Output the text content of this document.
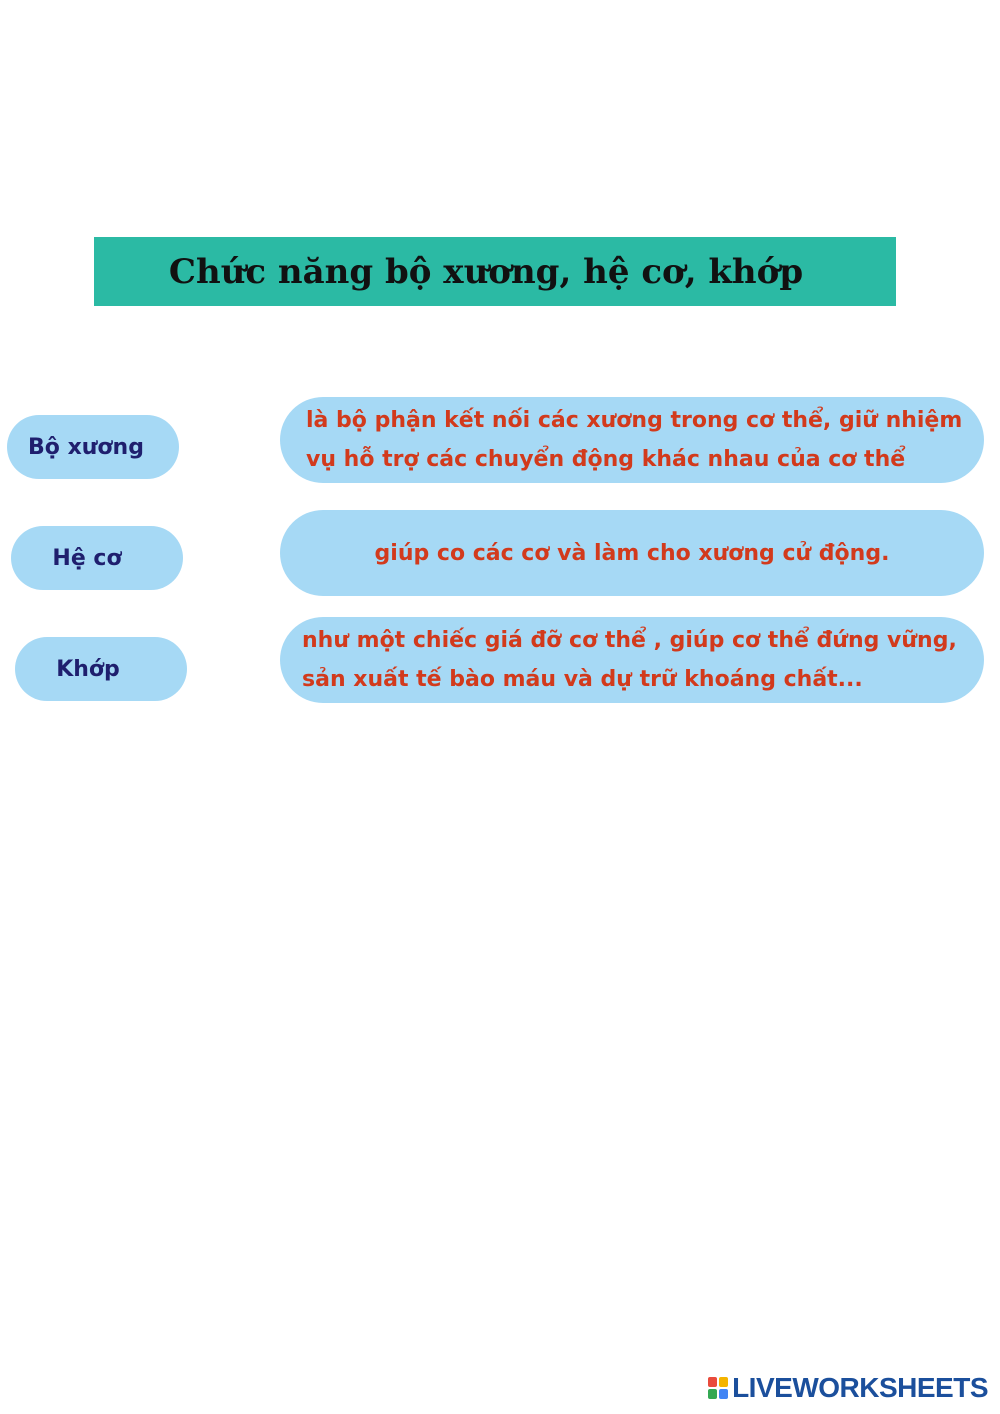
Chức năng bộ xương, hệ cơ, khớp
Bộ xương
Hệ cơ
Khớp
là bộ phận kết nối các xương trong cơ thể, giữ nhiệm
vụ hỗ trợ các chuyển động khác nhau của cơ thể
giúp co các cơ và làm cho xương cử động.
như một chiếc giá đỡ cơ thể , giúp cơ thể đứng vững,
sản xuất tế bào máu và dự trữ khoáng chất...
LIVEWORKSHEETS
